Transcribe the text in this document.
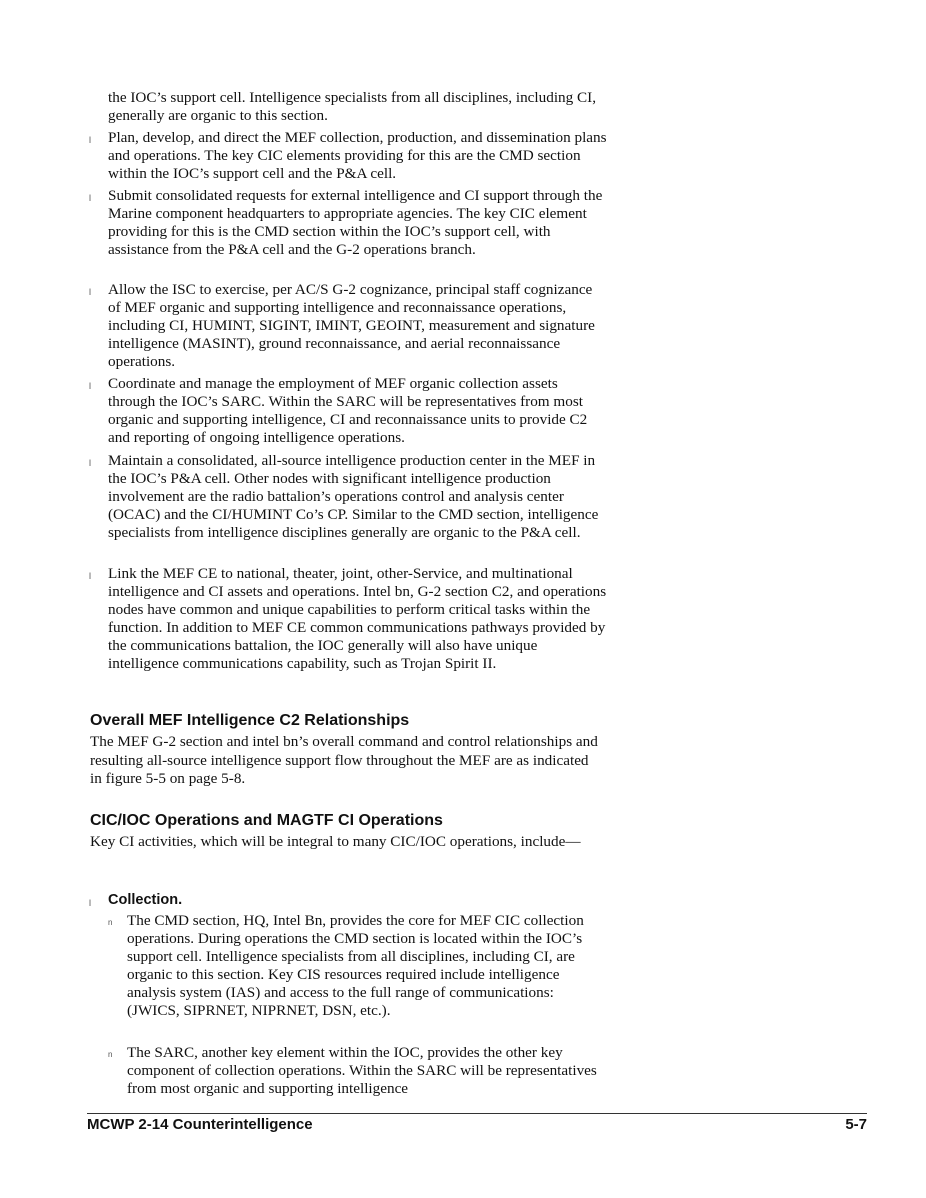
the IOC’s support cell. Intelligence specialists from all disciplines, including CI, generally are organic to this section.
l Plan, develop, and direct the MEF collection, production, and dissemination plans and operations. The key CIC elements providing for this are the CMD section within the IOC’s support cell and the P&A cell.
l Submit consolidated requests for external intelligence and CI support through the Marine component headquarters to appropriate agencies. The key CIC element providing for this is the CMD section within the IOC’s support cell, with assistance from the P&A cell and the G-2 operations branch.
l Allow the ISC to exercise, per AC/S G-2 cognizance, principal staff cognizance of MEF organic and supporting intelligence and reconnaissance operations, including CI, HUMINT, SIGINT, IMINT, GEOINT, measurement and signature intelligence (MASINT), ground reconnaissance, and aerial reconnaissance operations.
l Coordinate and manage the employment of MEF organic collection assets through the IOC’s SARC. Within the SARC will be representatives from most organic and supporting intelligence, CI and reconnaissance units to provide C2 and reporting of ongoing intelligence operations.
l Maintain a consolidated, all-source intelligence production center in the MEF in the IOC’s P&A cell. Other nodes with significant intelligence production involvement are the radio battalion’s operations control and analysis center (OCAC) and the CI/HUMINT Co’s CP. Similar to the CMD section, intelligence specialists from intelligence disciplines generally are organic to the P&A cell.
l Link the MEF CE to national, theater, joint, other-Service, and multinational intelligence and CI assets and operations. Intel bn, G-2 section C2, and operations nodes have common and unique capabilities to perform critical tasks within the function. In addition to MEF CE common communications pathways provided by the communications battalion, the IOC generally will also have unique intelligence communications capability, such as Trojan Spirit II.
Overall MEF Intelligence C2 Relationships
The MEF G-2 section and intel bn’s overall command and control relationships and resulting all-source intelligence support flow throughout the MEF are as indicated in figure 5-5 on page 5-8.
CIC/IOC Operations and MAGTF CI Operations
Key CI activities, which will be integral to many CIC/IOC operations, include—
l Collection.
n The CMD section, HQ, Intel Bn, provides the core for MEF CIC collection operations. During operations the CMD section is located within the IOC’s support cell. Intelligence specialists from all disciplines, including CI, are organic to this section. Key CIS resources required include intelligence analysis system (IAS) and access to the full range of communications: (JWICS, SIPRNET, NIPRNET, DSN, etc.).
n The SARC, another key element within the IOC, provides the other key component of collection operations. Within the SARC will be representatives from most organic and supporting intelligence
MCWP 2-14 Counterintelligence	5-7
